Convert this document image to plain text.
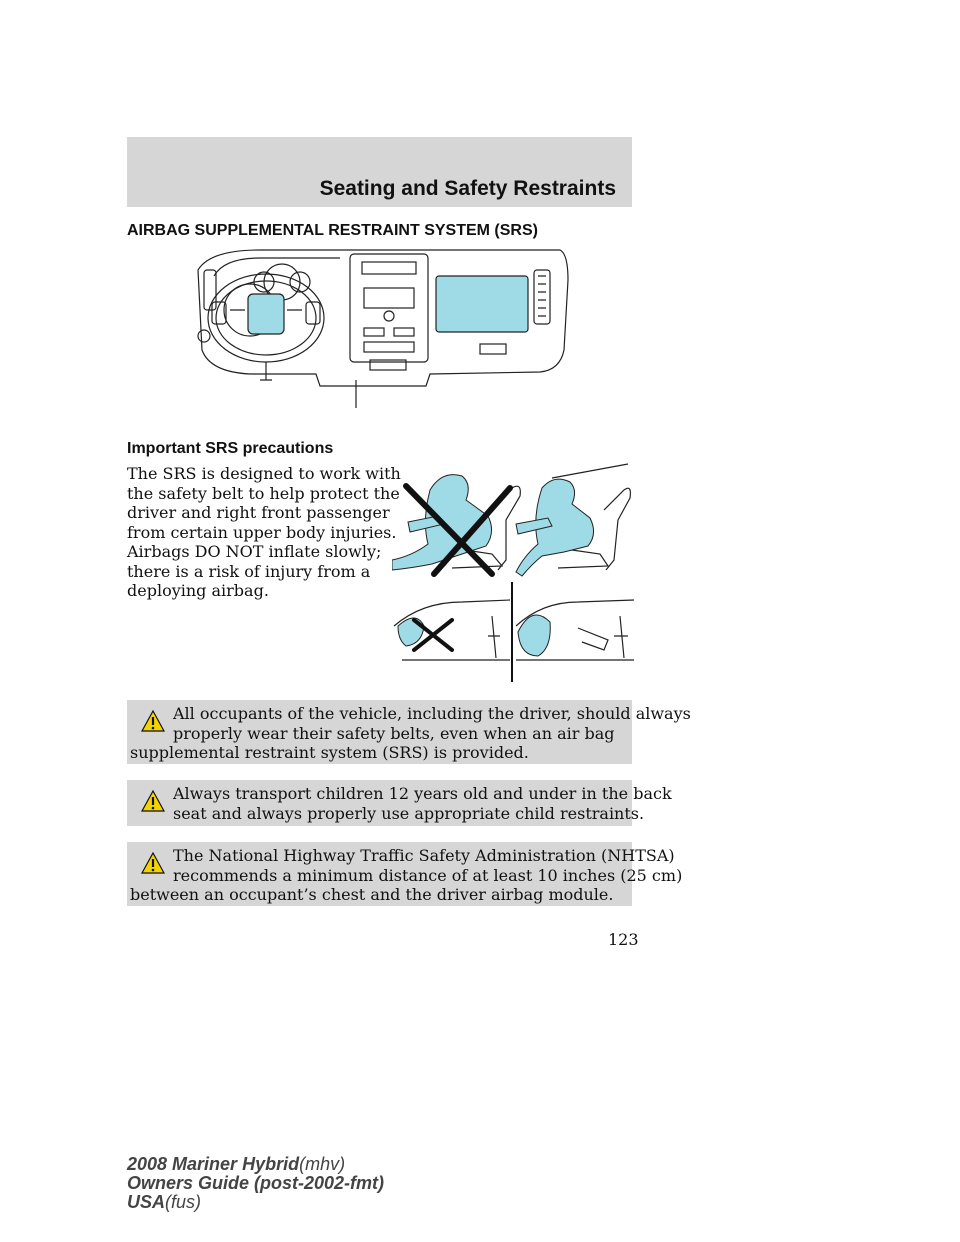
Seating and Safety Restraints
AIRBAG SUPPLEMENTAL RESTRAINT SYSTEM (SRS)
Important SRS precautions
The SRS is designed to work with
the safety belt to help protect the
driver and right front passenger
from certain upper body injuries.
Airbags DO NOT inflate slowly;
there is a risk of injury from a
deploying airbag.
All occupants of the vehicle, including the driver, should always
properly wear their safety belts, even when an air bag
supplemental restraint system (SRS) is provided.
Always transport children 12 years old and under in the back
seat and always properly use appropriate child restraints.
The National Highway Traffic Safety Administration (NHTSA)
recommends a minimum distance of at least 10 inches (25 cm)
between an occupant’s chest and the driver airbag module.
123
2008 Mariner Hybrid(mhv)
Owners Guide (post-2002-fmt)
USA(fus)
